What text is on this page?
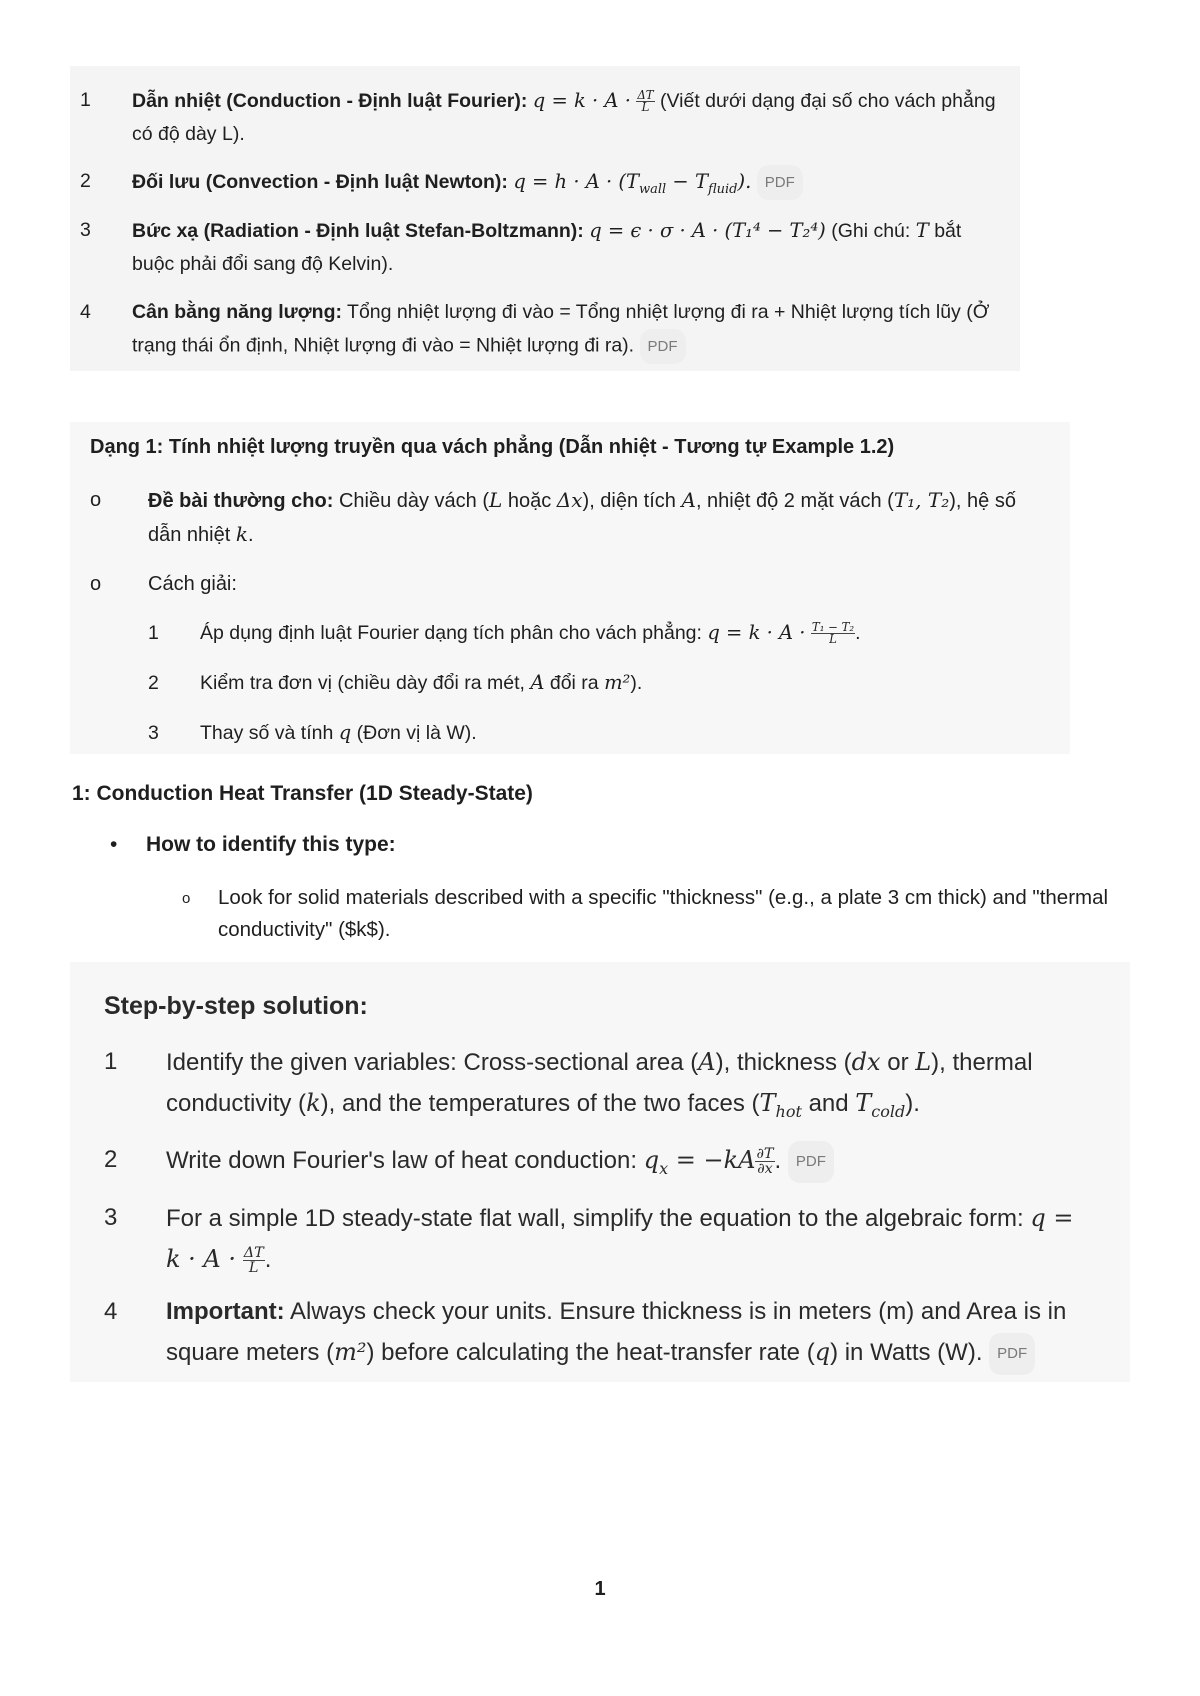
1 Dẫn nhiệt (Conduction - Định luật Fourier): $q = k \cdot A \cdot \frac{\Delta T}{L}$ (Viết dưới dạng đại số cho vách phẳng có độ dày L).
2 Đối lưu (Convection - Định luật Newton): $q = h \cdot A \cdot (T_{wall} - T_{fluid})$. PDF
3 Bức xạ (Radiation - Định luật Stefan-Boltzmann): q = ϵ · σ · A · (T₁⁴ − T₂⁴) (Ghi chú: T bắt buộc phải đổi sang độ Kelvin).
4 Cân bằng năng lượng: Tổng nhiệt lượng đi vào = Tổng nhiệt lượng đi ra + Nhiệt lượng tích lũy (Ở trạng thái ổn định, Nhiệt lượng đi vào = Nhiệt lượng đi ra). PDF
Dạng 1: Tính nhiệt lượng truyền qua vách phẳng (Dẫn nhiệt - Tương tự Example 1.2)
o Đề bài thường cho: Chiều dày vách (L hoặc Δx), diện tích A, nhiệt độ 2 mặt vách (T₁, T₂), hệ số dẫn nhiệt k.
o Cách giải:
1 Áp dụng định luật Fourier dạng tích phân cho vách phẳng: $q = k \cdot A \cdot \frac{\text{T₁ − T₂}}{L}$ .
2 Kiểm tra đơn vị (chiều dày đổi ra mét, A đổi ra m²).
3 Thay số và tính q (Đơn vị là W).
1: Conduction Heat Transfer (1D Steady-State)
• How to identify this type:
o Look for solid materials described with a specific "thickness" (e.g., a plate 3 cm thick) and "thermal conductivity" ($k$).
Step-by-step solution:
1 Identify the given variables: Cross-sectional area (A), thickness (dx or L), thermal conductivity (k), and the temperatures of the two faces ($T_{hot}$ and $T_{cold}$).
2 Write down Fourier's law of heat conduction: $q_x = -kA \frac{\partial T}{\partial x}$ . PDF
3 For a simple 1D steady-state flat wall, simplify the equation to the algebraic form: q =
$k \cdot A \cdot \frac{\Delta T}{L}$ .
4 Important: Always check your units. Ensure thickness is in meters (m) and Area is in square meters (m²) before calculating the heat-transfer rate (q) in Watts (W). PDF
1
